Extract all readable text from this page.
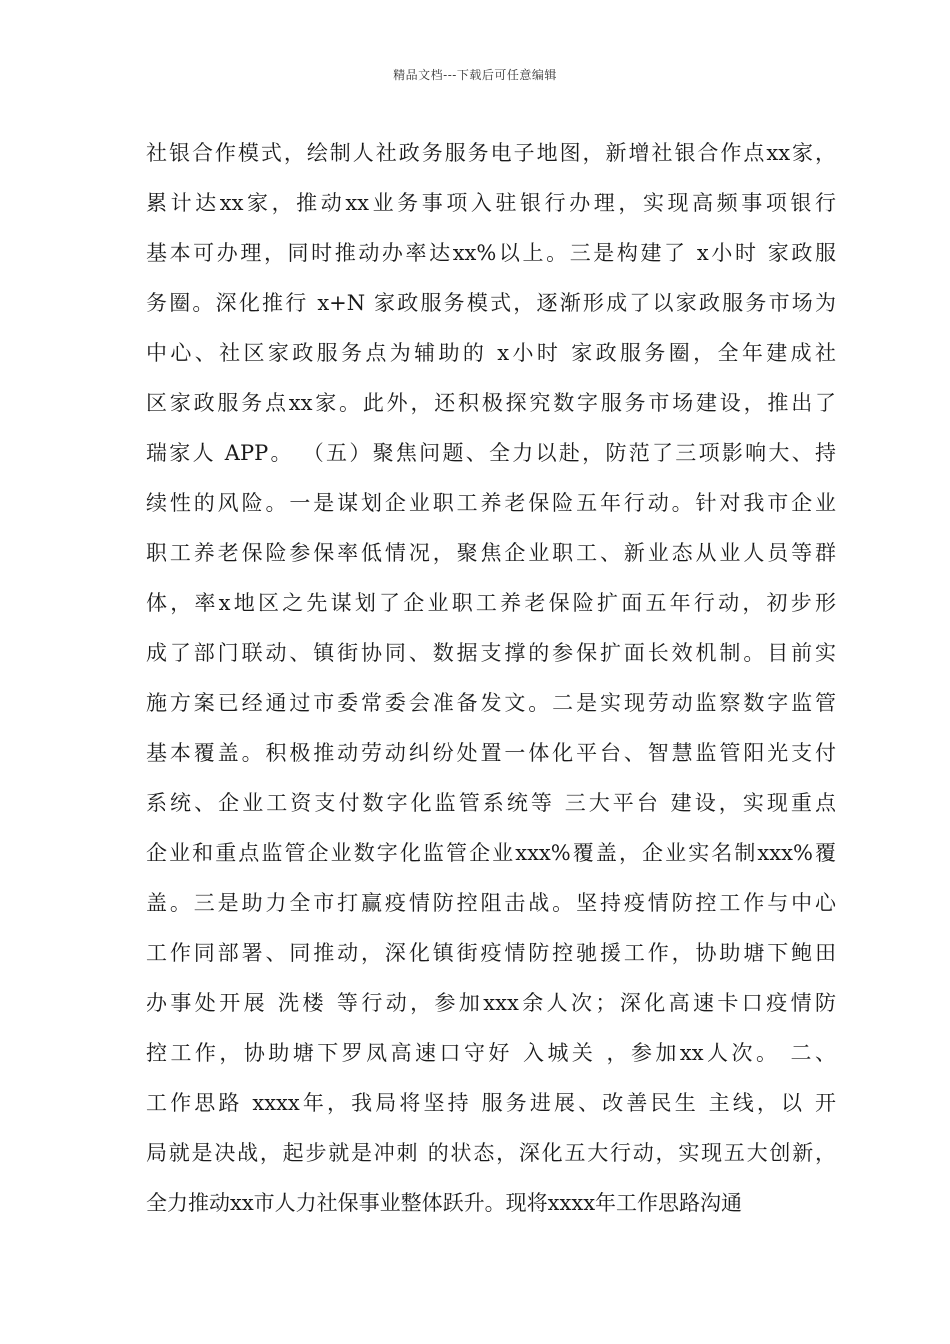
精品文档---下载后可任意编辑
社银合作模式，绘制人社政务服务电子地图，新增社银合作点xx家，
累计达xx家，推动xx业务事项入驻银行办理，实现高频事项银行
基本可办理，同时推动办率达xx%以上。三是构建了 x小时 家政服
务圈。深化推行 x+N 家政服务模式，逐渐形成了以家政服务市场为
中心、社区家政服务点为辅助的 x小时 家政服务圈，全年建成社
区家政服务点xx家。此外，还积极探究数字服务市场建设，推出了
瑞家人 APP。 （五）聚焦问题、全力以赴，防范了三项影响大、持
续性的风险。一是谋划企业职工养老保险五年行动。针对我市企业
职工养老保险参保率低情况，聚焦企业职工、新业态从业人员等群
体，率x地区之先谋划了企业职工养老保险扩面五年行动，初步形
成了部门联动、镇街协同、数据支撑的参保扩面长效机制。目前实
施方案已经通过市委常委会准备发文。二是实现劳动监察数字监管
基本覆盖。积极推动劳动纠纷处置一体化平台、智慧监管阳光支付
系统、企业工资支付数字化监管系统等 三大平台 建设，实现重点
企业和重点监管企业数字化监管企业xxx%覆盖，企业实名制xxx%覆
盖。三是助力全市打赢疫情防控阻击战。坚持疫情防控工作与中心
工作同部署、同推动，深化镇街疫情防控驰援工作，协助塘下鲍田
办事处开展 洗楼 等行动，参加xxx余人次；深化高速卡口疫情防
控工作，协助塘下罗凤高速口守好 入城关 ，参加xx人次。 二、
工作思路 xxxx年，我局将坚持 服务进展、改善民生 主线，以 开
局就是决战，起步就是冲刺 的状态，深化五大行动，实现五大创新，
全力推动xx市人力社保事业整体跃升。现将xxxx年工作思路沟通
